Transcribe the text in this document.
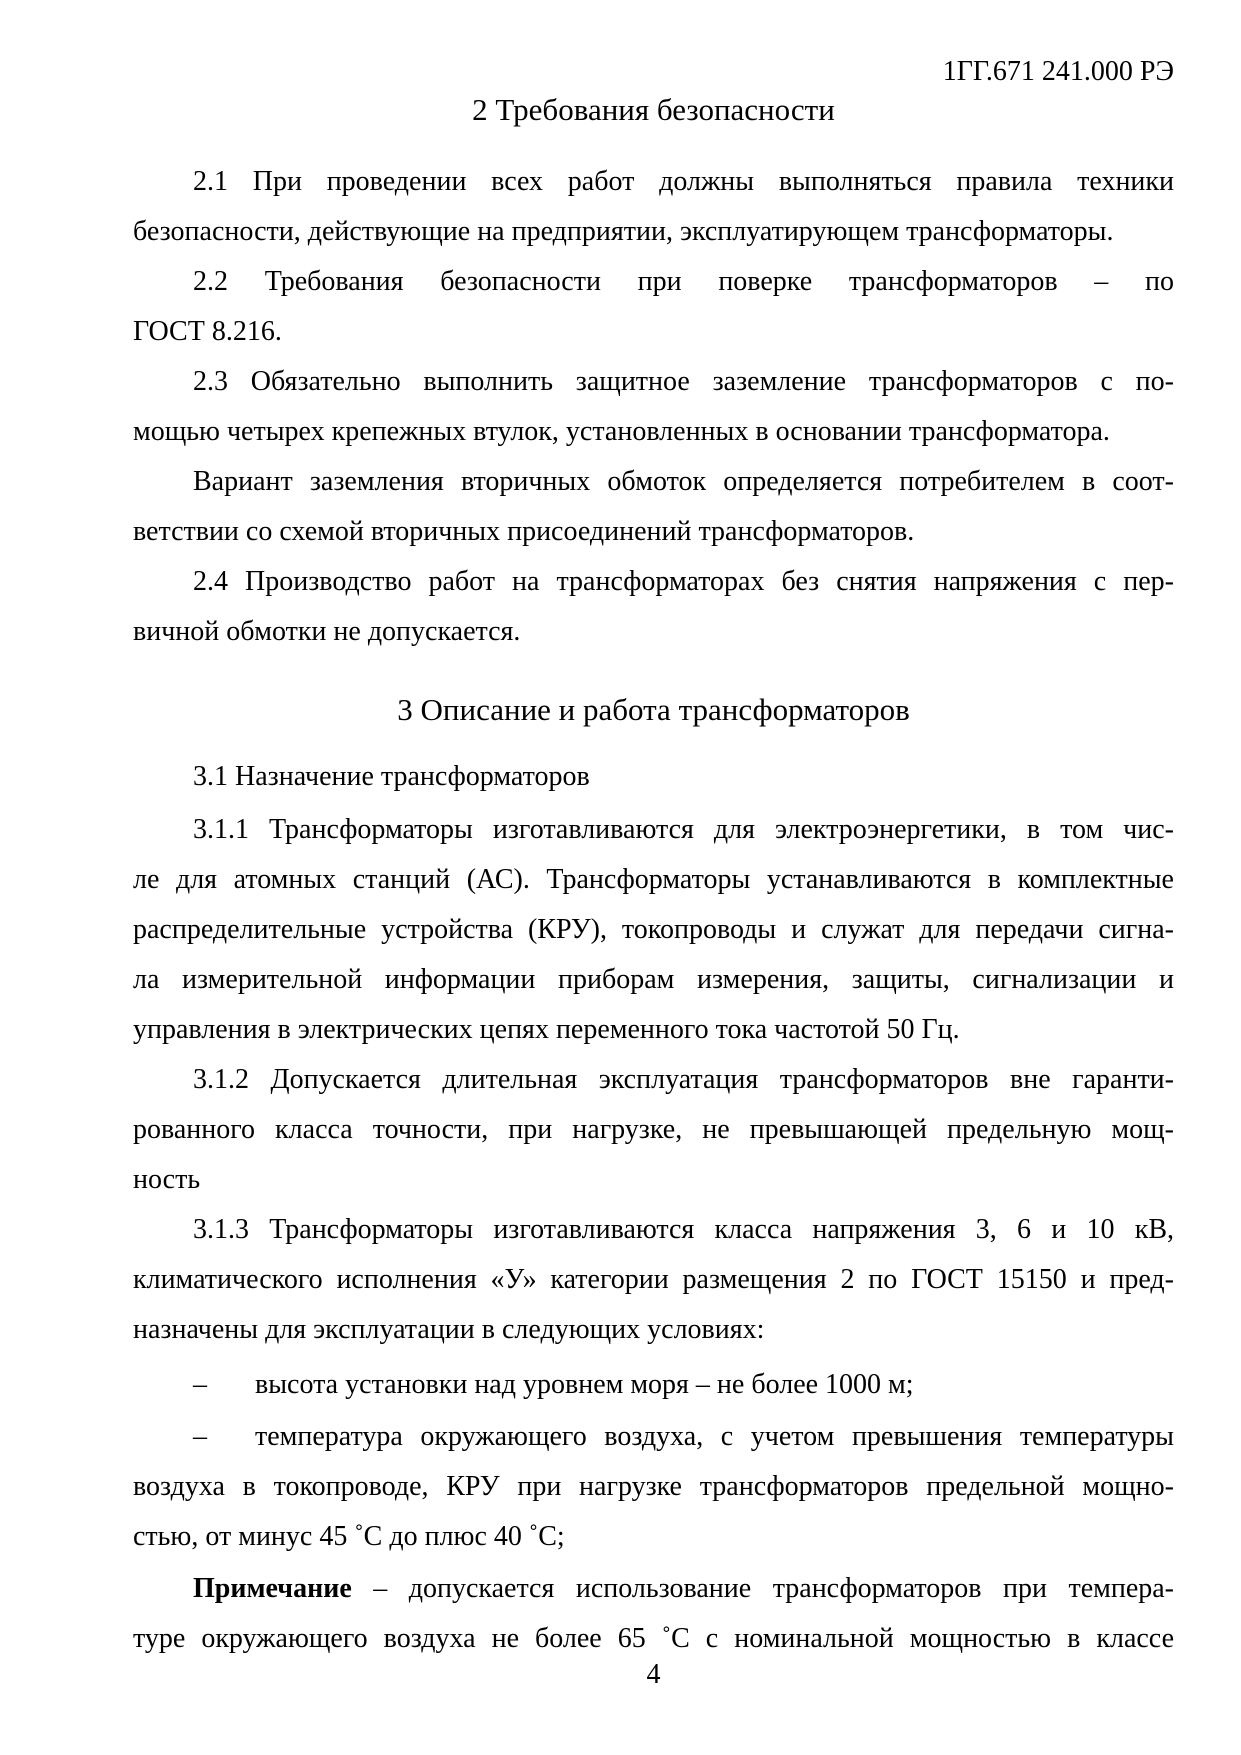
1ГГ.671 241.000 РЭ
2 Требования безопасности
2.1 При проведении всех работ должны выполняться правила техники
безопасности, действующие на предприятии, эксплуатирующем трансформаторы.
2.2 Требования безопасности при поверке трансформаторов – по
ГОСТ 8.216.
2.3 Обязательно выполнить защитное заземление трансформаторов с по-
мощью четырех крепежных втулок, установленных в основании трансформатора.
Вариант заземления вторичных обмоток определяется потребителем в соот-
ветствии со схемой вторичных присоединений трансформаторов.
2.4 Производство работ на трансформаторах без снятия напряжения с пер-
вичной обмотки не допускается.
3 Описание и работа трансформаторов
3.1 Назначение трансформаторов
3.1.1 Трансформаторы изготавливаются для электроэнергетики, в том чис-
ле для атомных станций (АС). Трансформаторы устанавливаются в комплектные
распределительные устройства (КРУ), токопроводы и служат для передачи сигна-
ла измерительной информации приборам измерения, защиты, сигнализации и
управления в электрических цепях переменного тока частотой 50 Гц.
3.1.2 Допускается длительная эксплуатация трансформаторов вне гаранти-
рованного класса точности, при нагрузке, не превышающей предельную мощ-
ность
3.1.3 Трансформаторы изготавливаются класса напряжения 3, 6 и 10 кВ,
климатического исполнения «У» категории размещения 2 по ГОСТ 15150 и пред-
назначены для эксплуатации в следующих условиях:
– высота установки над уровнем моря – не более 1000 м;
– температура окружающего воздуха, с учетом превышения температуры
воздуха в токопроводе, КРУ при нагрузке трансформаторов предельной мощно-
стью, от минус 45 ˚С до плюс 40 ˚С;
Примечание – допускается использование трансформаторов при темпера-
туре окружающего воздуха не более 65 ˚С с номинальной мощностью в классе
4
